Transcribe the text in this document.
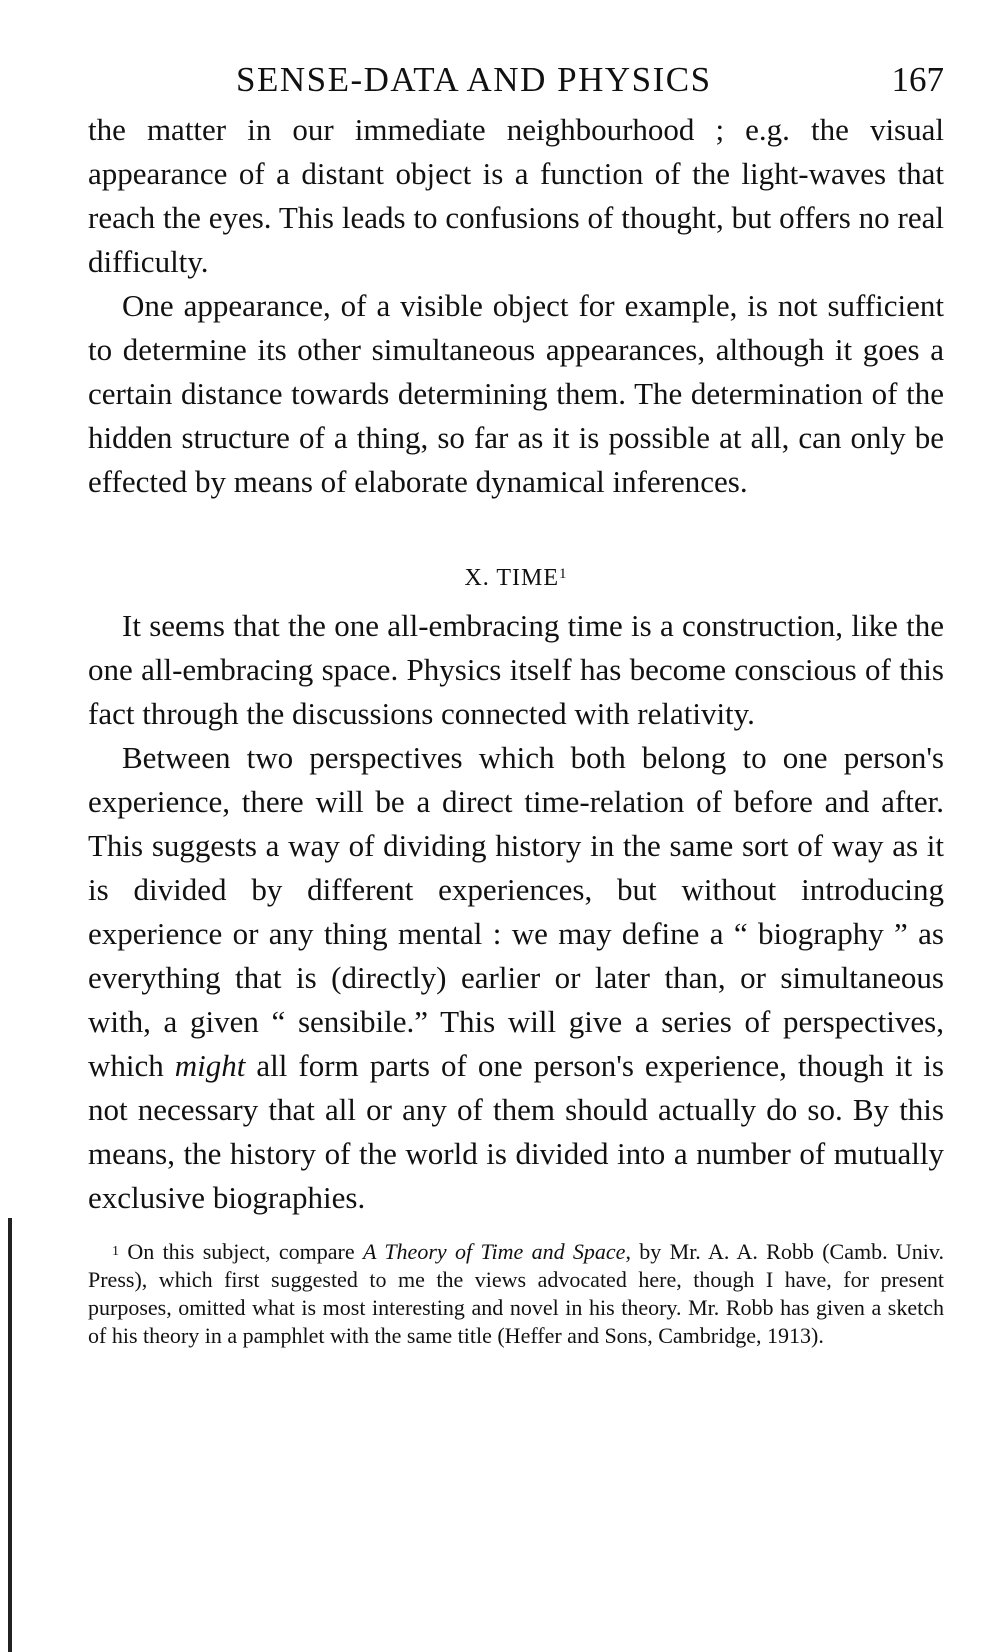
SENSE-DATA AND PHYSICS	167

the matter in our immediate neighbourhood ; e.g. the visual appearance of a distant object is a function of the light-waves that reach the eyes. This leads to confusions of thought, but offers no real difficulty.

One appearance, of a visible object for example, is not sufficient to determine its other simultaneous appearances, although it goes a certain distance towards determining them. The determination of the hidden structure of a thing, so far as it is possible at all, can only be effected by means of elaborate dynamical inferences.

X. TIME$^1$

It seems that the one all-embracing time is a construction, like the one all-embracing space. Physics itself has become conscious of this fact through the discussions connected with relativity.

Between two perspectives which both belong to one person's experience, there will be a direct time-relation of before and after. This suggests a way of dividing history in the same sort of way as it is divided by different experiences, but without introducing experience or any thing mental : we may define a “ biography ” as everything that is (directly) earlier or later than, or simultaneous with, a given “ sensibile.” This will give a series of perspectives, which might all form parts of one person's experience, though it is not necessary that all or any of them should actually do so. By this means, the history of the world is divided into a number of mutually exclusive biographies.

$^1$ On this subject, compare A Theory of Time and Space, by Mr. A. A. Robb (Camb. Univ. Press), which first suggested to me the views advocated here, though I have, for present purposes, omitted what is most interesting and novel in his theory. Mr. Robb has given a sketch of his theory in a pamphlet with the same title (Heffer and Sons, Cambridge, 1913).
